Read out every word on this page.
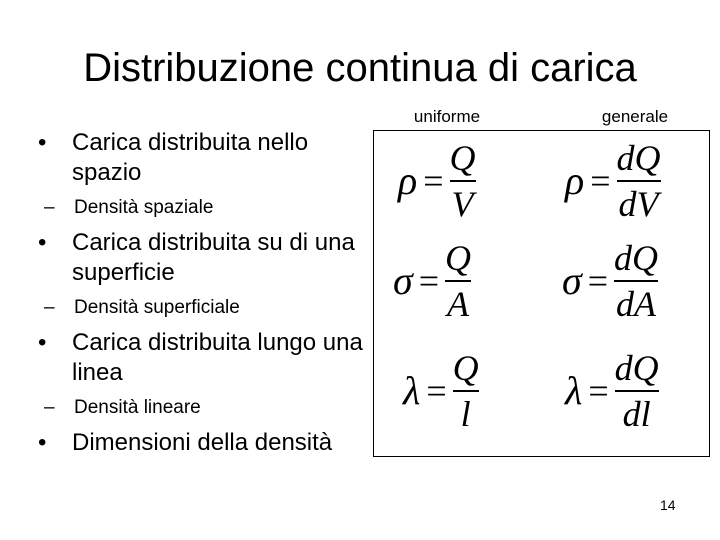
Distribuzione continua di carica
• Carica distribuita nello spazio
– Densità spaziale
• Carica distribuita su di una superficie
– Densità superficiale
• Carica distribuita lungo una linea
– Densità lineare
• Dimensioni della densità
uniforme	generale
$\rho = \frac{Q}{V}$
$\sigma = \frac{Q}{A}$
$\lambda = \frac{Q}{l}$
$\rho = \frac{dQ}{dV}$
$\sigma = \frac{dQ}{dA}$
$\lambda = \frac{dQ}{dl}$
14
